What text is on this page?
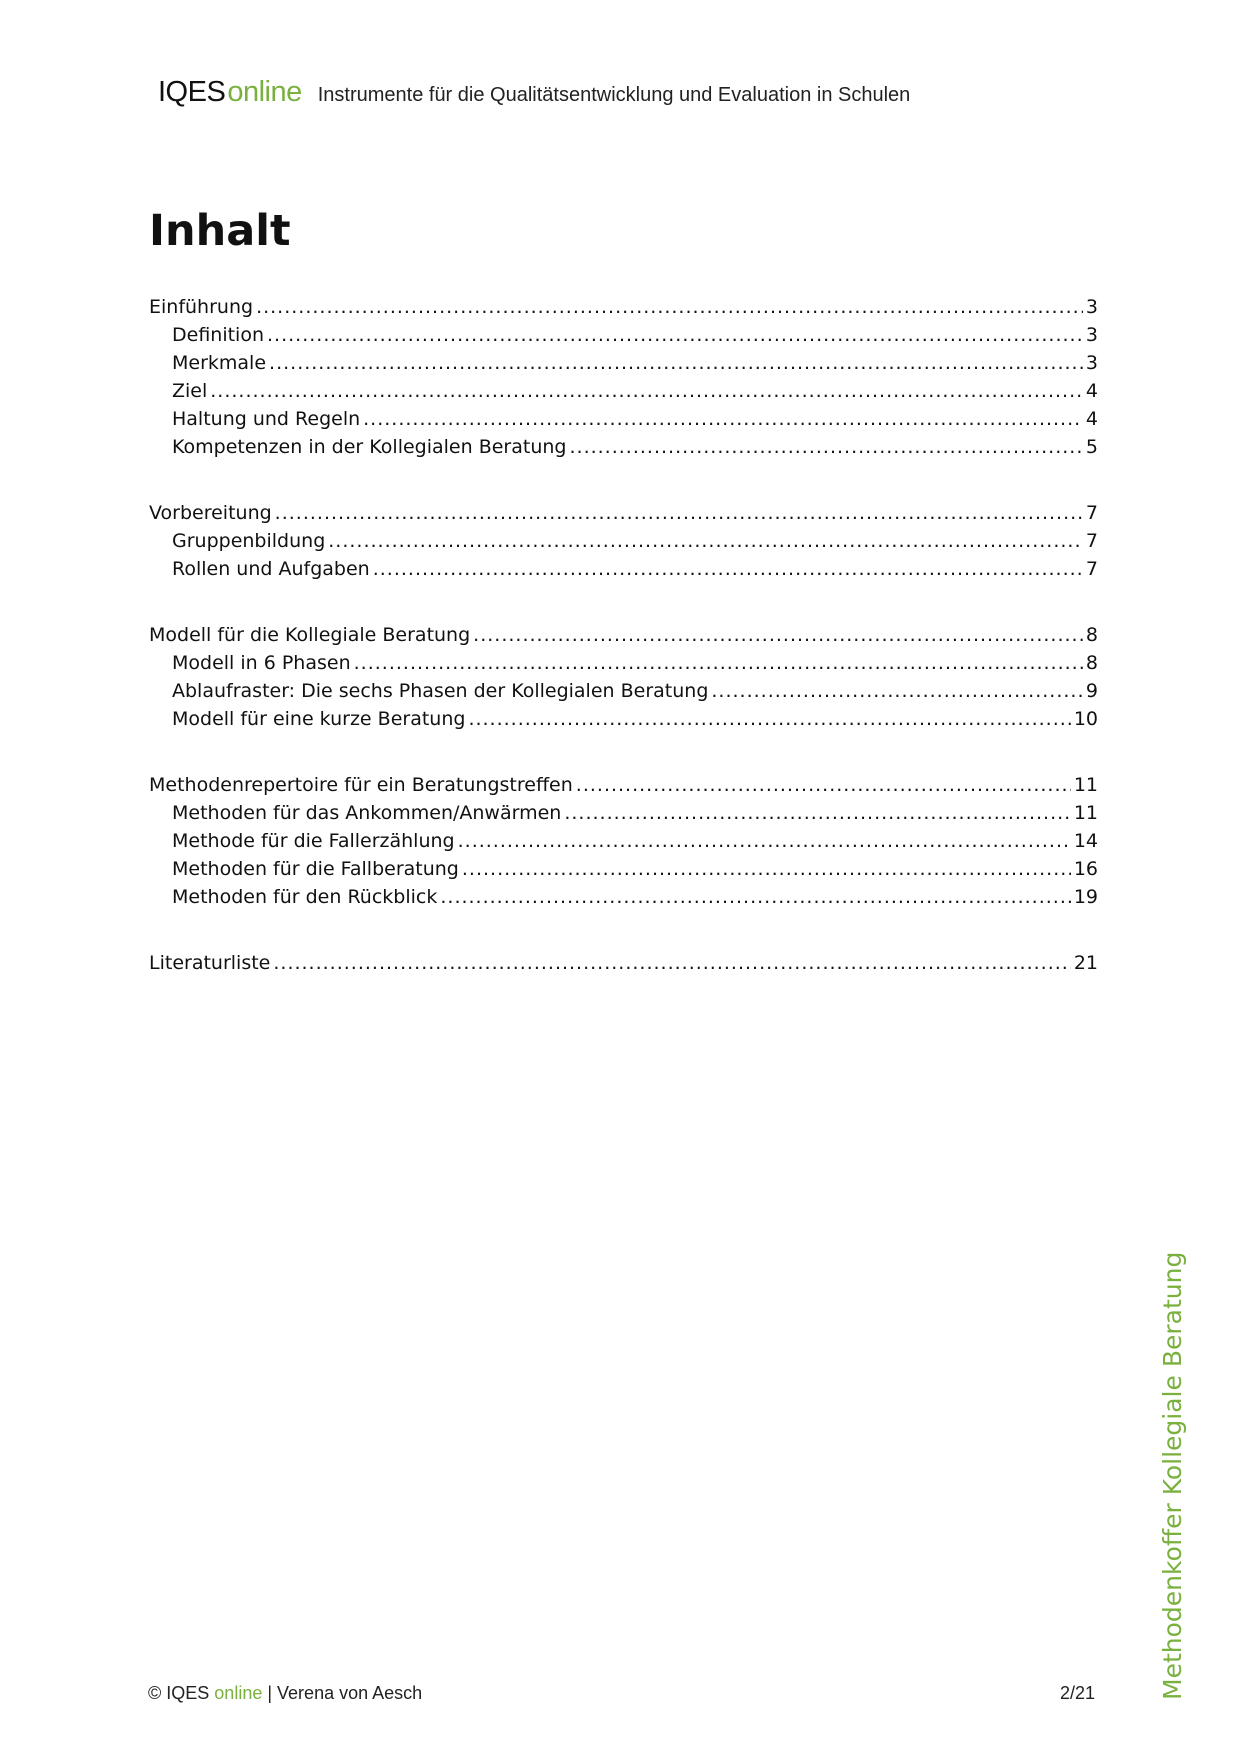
IQES online Instrumente für die Qualitätsentwicklung und Evaluation in Schulen
Inhalt
Einführung .....	3
Definition .....	3
Merkmale .....	3
Ziel .....	4
Haltung und Regeln .....	4
Kompetenzen in der Kollegialen Beratung .....	5
Vorbereitung .....	7
Gruppenbildung .....	7
Rollen und Aufgaben .....	7
Modell für die Kollegiale Beratung .....	8
Modell in 6 Phasen .....	8
Ablaufraster: Die sechs Phasen der Kollegialen Beratung .....	9
Modell für eine kurze Beratung .....	10
Methodenrepertoire für ein Beratungstreffen .....	11
Methoden für das Ankommen/Anwärmen .....	11
Methode für die Fallerzählung .....	14
Methoden für die Fallberatung .....	16
Methoden für den Rückblick .....	19
Literaturliste .....	21
Methodenkoffer Kollegiale Beratung
© IQES online | Verena von Aesch	2/21
